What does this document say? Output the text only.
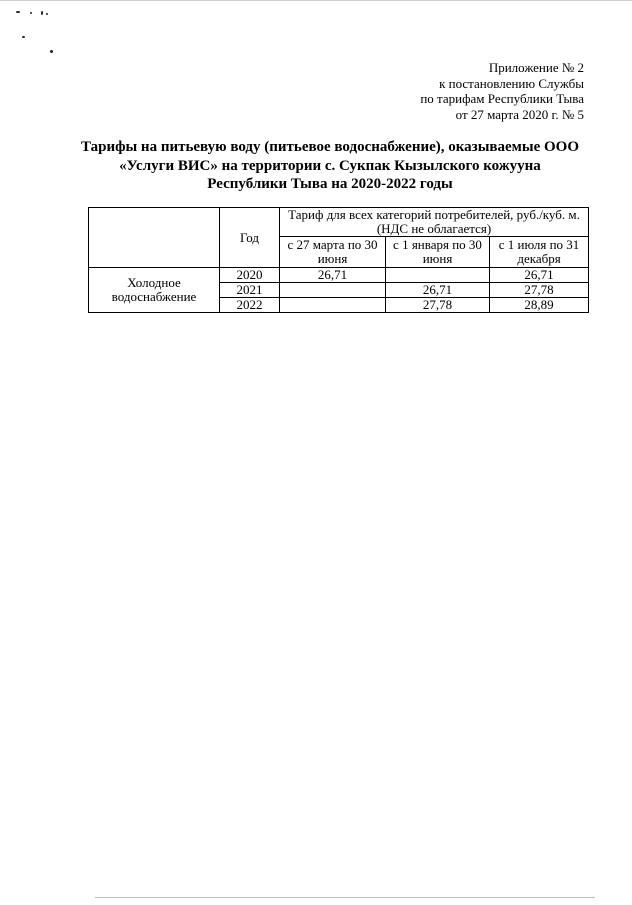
Приложение № 2
к постановлению Службы
по тарифам Республики Тыва
от 27 марта 2020 г. № 5
Тарифы на питьевую воду (питьевое водоснабжение), оказываемые ООО
«Услуги ВИС» на территории с. Сукпак Кызылского кожууна
Республики Тыва на 2020-2022 годы
	Год	Тариф для всех категорий потребителей, руб./куб. м. (НДС не облагается)		
		с 27 марта по 30 июня	с 1 января по 30 июня	с 1 июля по 31 декабря
Холодное водоснабжение	2020	26,71		26,71
	2021		26,71	27,78
	2022		27,78	28,89
